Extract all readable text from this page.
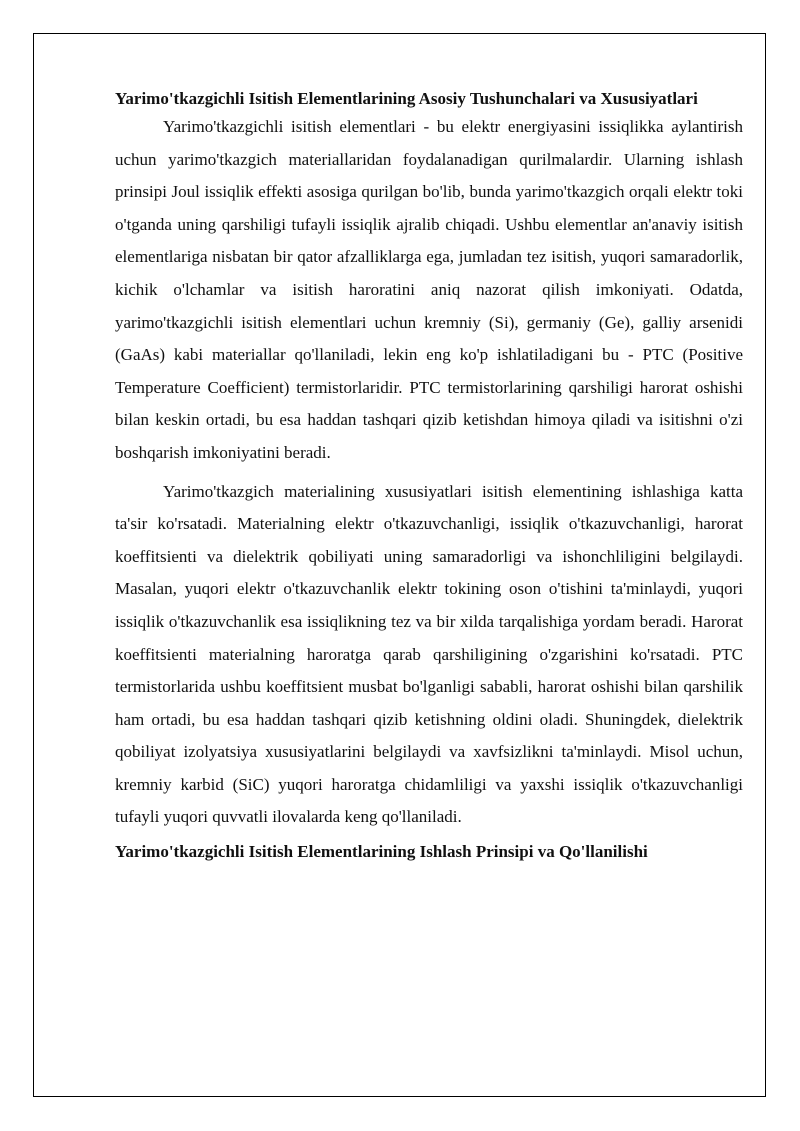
Yarimo'tkazgichli Isitish Elementlarining Asosiy Tushunchalari va Xususiyatlari

Yarimo'tkazgichli isitish elementlari - bu elektr energiyasini issiqlikka aylantirish uchun yarimo'tkazgich materiallaridan foydalanadigan qurilmalardir. Ularning ishlash prinsipi Joul issiqlik effekti asosiga qurilgan bo'lib, bunda yarimo'tkazgich orqali elektr toki o'tganda uning qarshiligi tufayli issiqlik ajralib chiqadi. Ushbu elementlar an'anaviy isitish elementlariga nisbatan bir qator afzalliklarga ega, jumladan tez isitish, yuqori samaradorlik, kichik o'lchamlar va isitish haroratini aniq nazorat qilish imkoniyati. Odatda, yarimo'tkazgichli isitish elementlari uchun kremniy (Si), germaniy (Ge), galliy arsenidi (GaAs) kabi materiallar qo'llaniladi, lekin eng ko'p ishlatiladigani bu - PTC (Positive Temperature Coefficient) termistorlaridir. PTC termistorlarining qarshiligi harorat oshishi bilan keskin ortadi, bu esa haddan tashqari qizib ketishdan himoya qiladi va isitishni o'zi boshqarish imkoniyatini beradi.

Yarimo'tkazgich materialining xususiyatlari isitish elementining ishlashiga katta ta'sir ko'rsatadi. Materialning elektr o'tkazuvchanligi, issiqlik o'tkazuvchanligi, harorat koeffitsienti va dielektrik qobiliyati uning samaradorligi va ishonchliligini belgilaydi. Masalan, yuqori elektr o'tkazuvchanlik elektr tokining oson o'tishini ta'minlaydi, yuqori issiqlik o'tkazuvchanlik esa issiqlikning tez va bir xilda tarqalishiga yordam beradi. Harorat koeffitsienti materialning haroratga qarab qarshiligining o'zgarishini ko'rsatadi. PTC termistorlarida ushbu koeffitsient musbat bo'lganligi sababli, harorat oshishi bilan qarshilik ham ortadi, bu esa haddan tashqari qizib ketishning oldini oladi. Shuningdek, dielektrik qobiliyat izolyatsiya xususiyatlarini belgilaydi va xavfsizlikni ta'minlaydi. Misol uchun, kremniy karbid (SiC) yuqori haroratga chidamliligi va yaxshi issiqlik o'tkazuvchanligi tufayli yuqori quvvatli ilovalarda keng qo'llaniladi.

Yarimo'tkazgichli Isitish Elementlarining Ishlash Prinsipi va Qo'llanilishi
